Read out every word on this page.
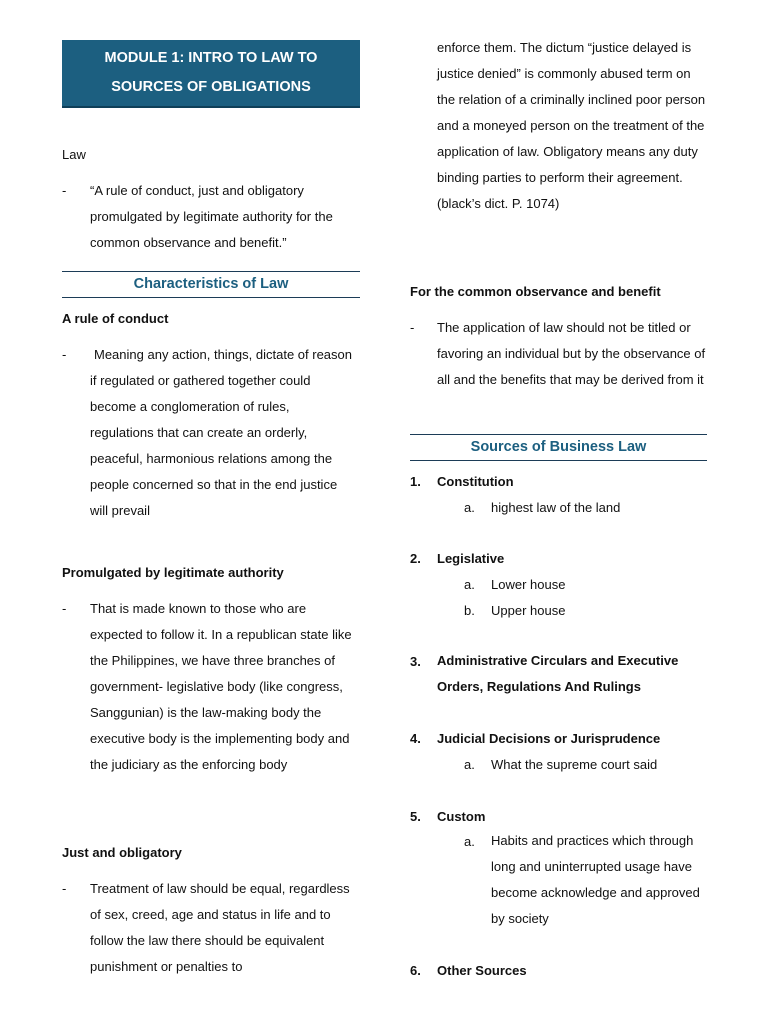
MODULE 1: INTRO TO LAW TO
SOURCES OF OBLIGATIONS
Law
- “A rule of conduct, just and obligatory promulgated by legitimate authority for the common observance and benefit.”
Characteristics of Law
A rule of conduct
-	Meaning any action, things, dictate of reason if regulated or gathered together could become a conglomeration of rules, regulations that can create an orderly, peaceful, harmonious relations among the people concerned so that in the end justice will prevail
Promulgated by legitimate authority
- That is made known to those who are expected to follow it. In a republican state like the Philippines, we have three branches of government- legislative body (like congress, Sanggunian) is the law-making body the executive body is the implementing body and the judiciary as the enforcing body
Just and obligatory
- Treatment of law should be equal, regardless of sex, creed, age and status in life and to follow the law there should be equivalent punishment or penalties to
enforce them. The dictum “justice delayed is justice denied” is commonly abused term on the relation of a criminally inclined poor person and a moneyed person on the treatment of the application of law. Obligatory means any duty binding parties to perform their agreement. (black’s dict. P. 1074)
For the common observance and benefit
- The application of law should not be titled or favoring an individual but by the observance of all and the benefits that may be derived from it
Sources of Business Law
1. Constitution
a. highest law of the land
2. Legislative
a. Lower house
b. Upper house
3. Administrative Circulars and Executive Orders, Regulations And Rulings
4. Judicial Decisions or Jurisprudence
a. What the supreme court said
5. Custom
a. Habits and practices which through long and uninterrupted usage have become acknowledge and approved by society
6. Other Sources
